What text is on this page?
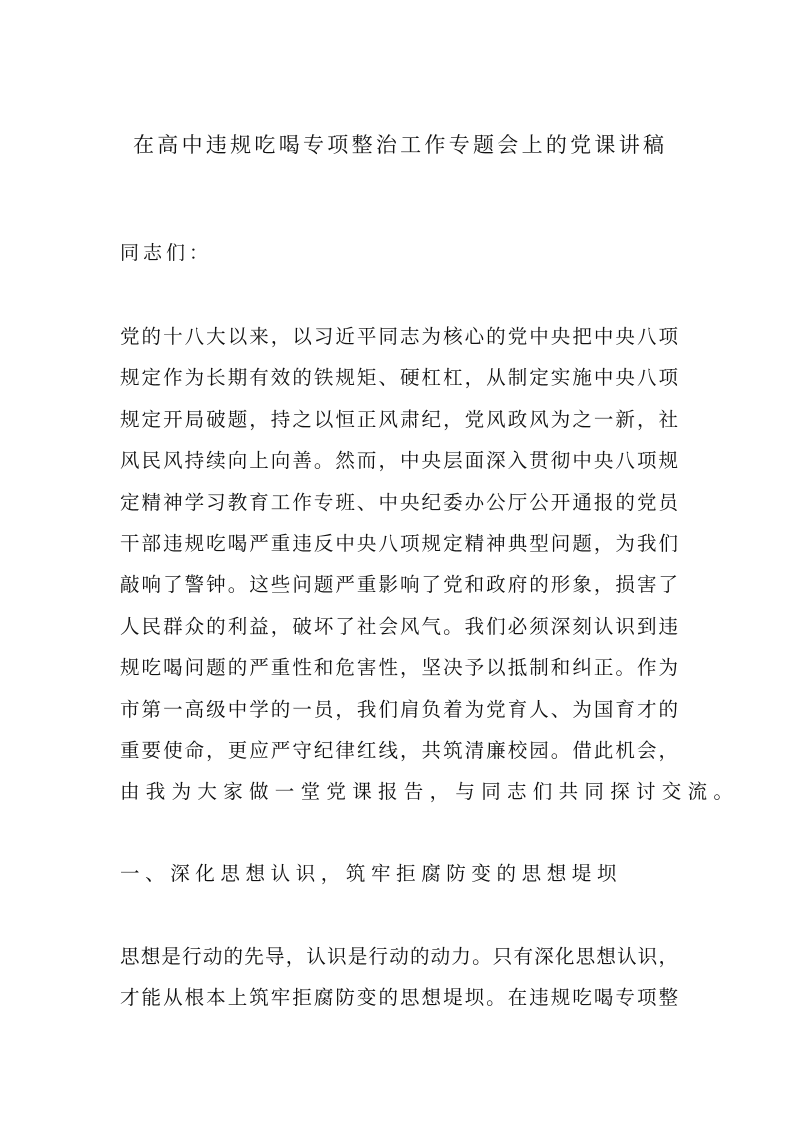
在高中违规吃喝专项整治工作专题会上的党课讲稿
同志们：
党的十八大以来，以习近平同志为核心的党中央把中央八项
规定作为长期有效的铁规矩、硬杠杠，从制定实施中央八项
规定开局破题，持之以恒正风肃纪，党风政风为之一新，社
风民风持续向上向善。然而，中央层面深入贯彻中央八项规
定精神学习教育工作专班、中央纪委办公厅公开通报的党员
干部违规吃喝严重违反中央八项规定精神典型问题，为我们
敲响了警钟。这些问题严重影响了党和政府的形象，损害了
人民群众的利益，破坏了社会风气。我们必须深刻认识到违
规吃喝问题的严重性和危害性，坚决予以抵制和纠正。作为
市第一高级中学的一员，我们肩负着为党育人、为国育才的
重要使命，更应严守纪律红线，共筑清廉校园。借此机会，
由我为大家做一堂党课报告，与同志们共同探讨交流。
一、深化思想认识，筑牢拒腐防变的思想堤坝
思想是行动的先导，认识是行动的动力。只有深化思想认识，
才能从根本上筑牢拒腐防变的思想堤坝。在违规吃喝专项整
